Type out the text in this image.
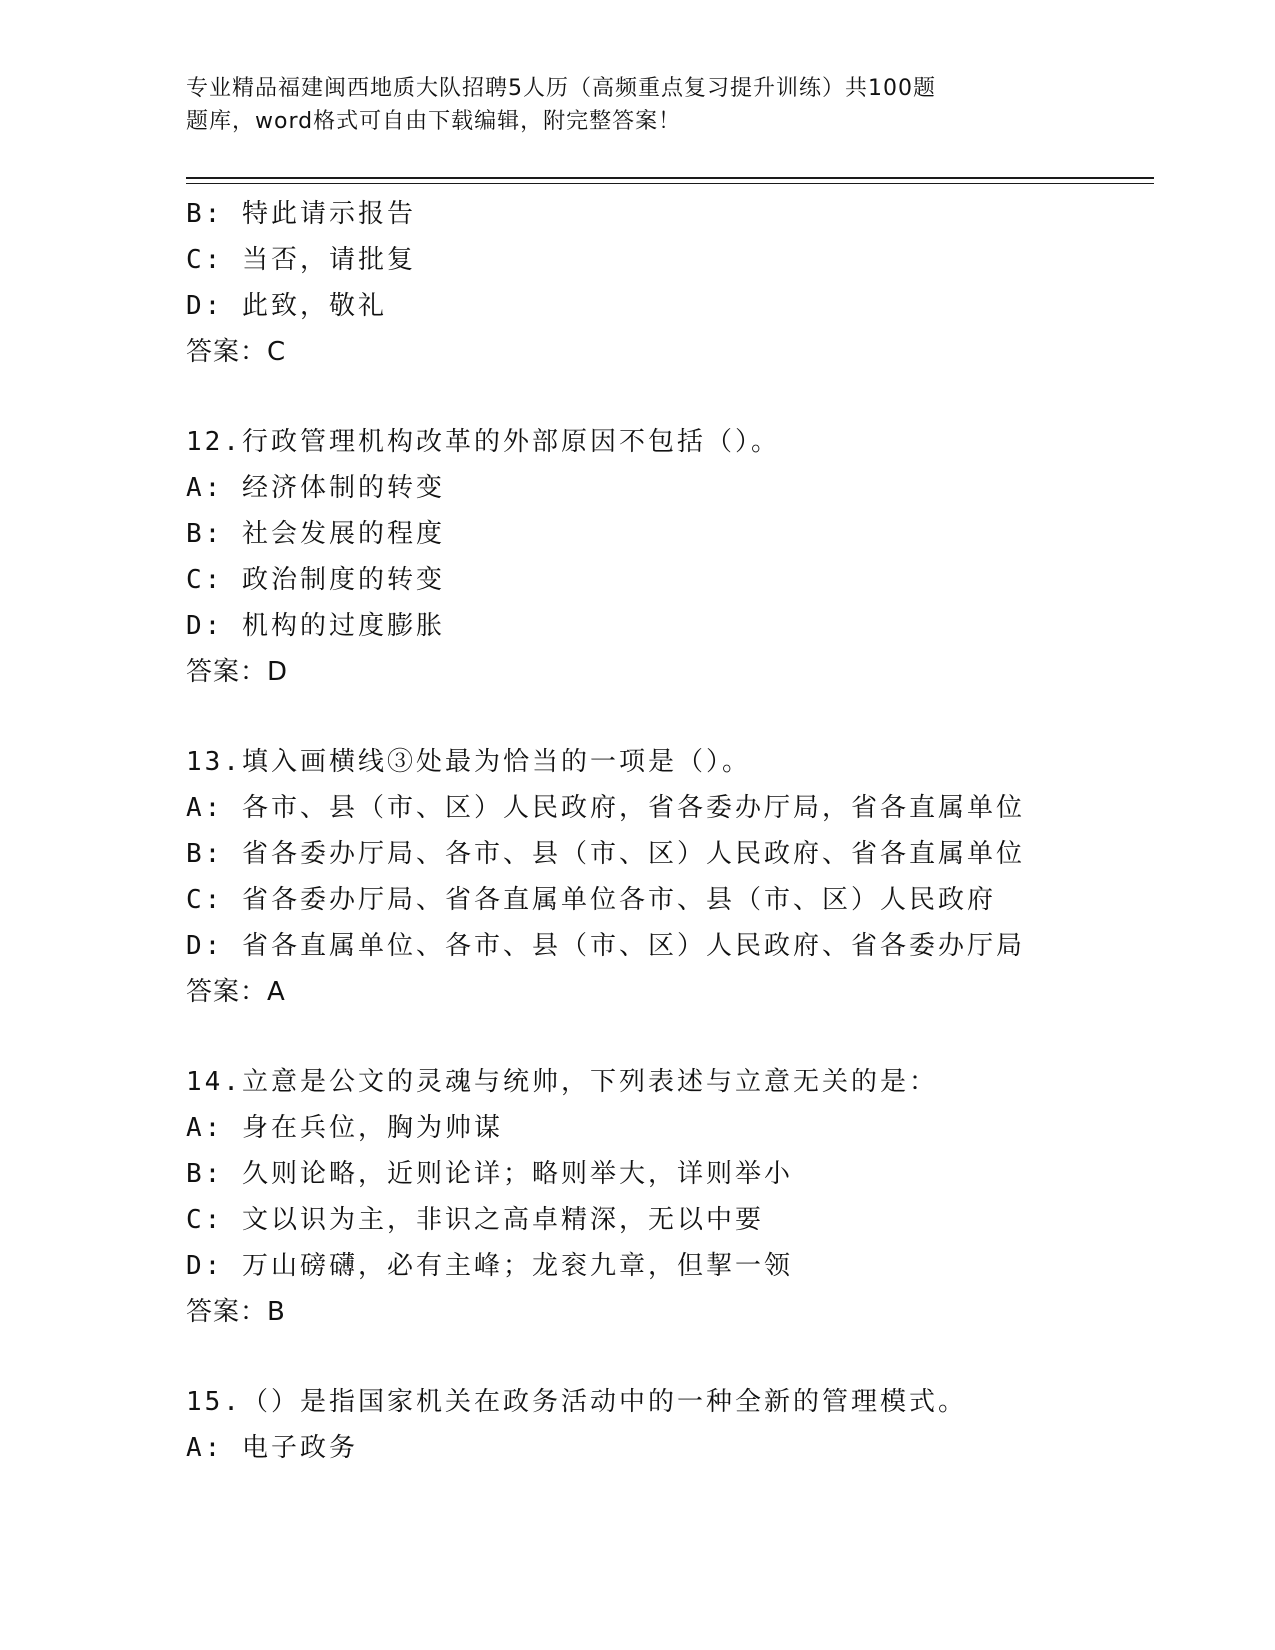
专业精品福建闽西地质大队招聘5人历（高频重点复习提升训练）共100题
题库，word格式可自由下载编辑，附完整答案！
B: 特此请示报告
C: 当否，请批复
D: 此致，敬礼
答案：C
12.行政管理机构改革的外部原因不包括（）。
A: 经济体制的转变
B: 社会发展的程度
C: 政治制度的转变
D: 机构的过度膨胀
答案：D
13.填入画横线③处最为恰当的一项是（）。
A: 各市、县（市、区）人民政府，省各委办厅局，省各直属单位
B: 省各委办厅局、各市、县（市、区）人民政府、省各直属单位
C: 省各委办厅局、省各直属单位各市、县（市、区）人民政府
D: 省各直属单位、各市、县（市、区）人民政府、省各委办厅局
答案：A
14.立意是公文的灵魂与统帅，下列表述与立意无关的是：
A: 身在兵位，胸为帅谋
B: 久则论略，近则论详；略则举大，详则举小
C: 文以识为主，非识之高卓精深，无以中要
D: 万山磅礴，必有主峰；龙衮九章，但挈一领
答案：B
15.（）是指国家机关在政务活动中的一种全新的管理模式。
A: 电子政务
